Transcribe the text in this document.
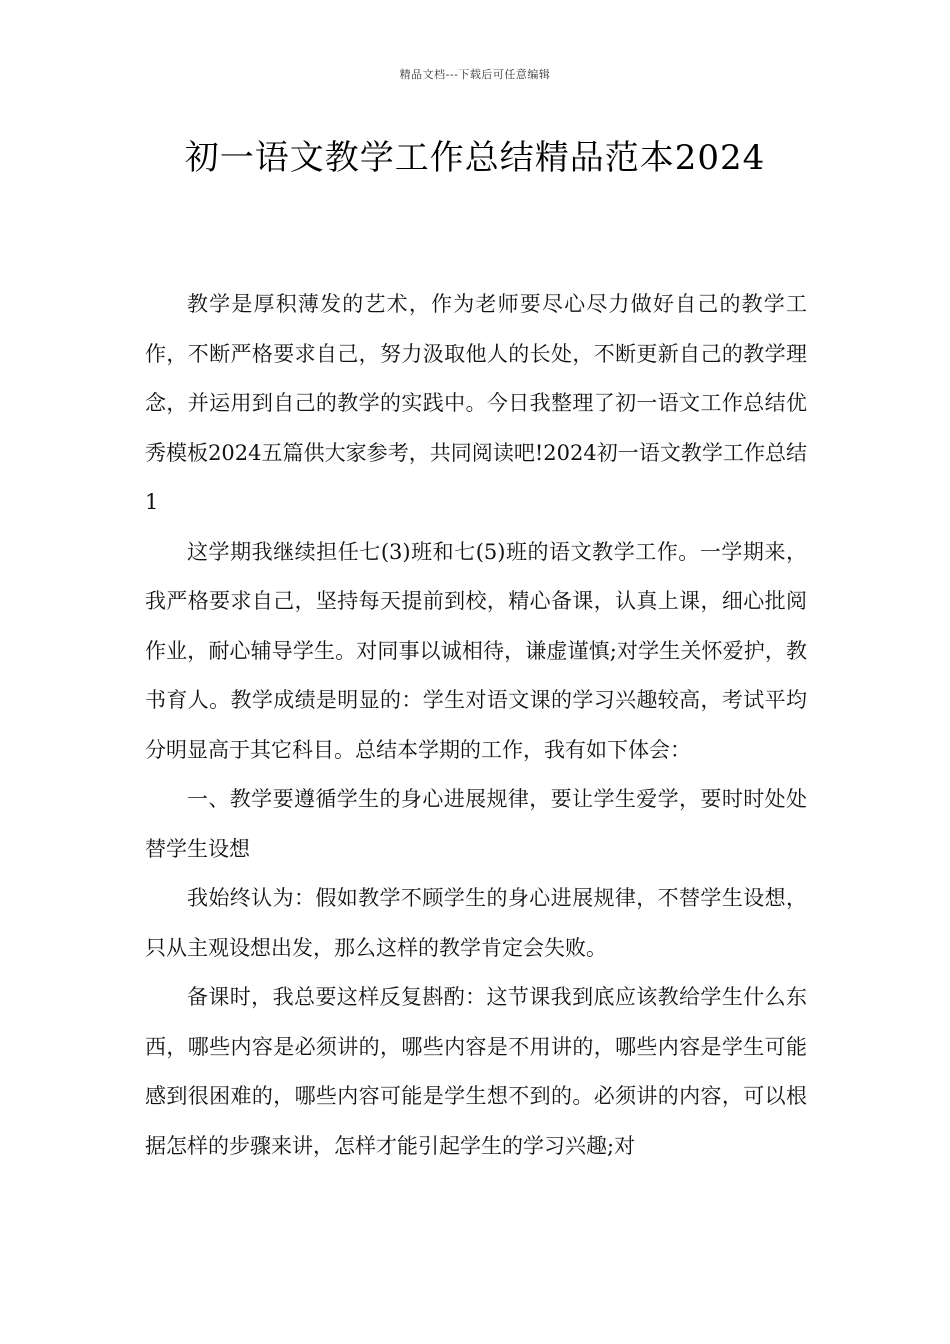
精品文档---下载后可任意编辑
初一语文教学工作总结精品范本2024

教学是厚积薄发的艺术，作为老师要尽心尽力做好自己的教学工作，不断严格要求自己，努力汲取他人的长处，不断更新自己的教学理念，并运用到自己的教学的实践中。今日我整理了初一语文工作总结优秀模板2024五篇供大家参考，共同阅读吧!2024初一语文教学工作总结1

这学期我继续担任七(3)班和七(5)班的语文教学工作。一学期来，我严格要求自己，坚持每天提前到校，精心备课，认真上课，细心批阅作业，耐心辅导学生。对同事以诚相待，谦虚谨慎;对学生关怀爱护，教书育人。教学成绩是明显的：学生对语文课的学习兴趣较高，考试平均分明显高于其它科目。总结本学期的工作，我有如下体会：

一、教学要遵循学生的身心进展规律，要让学生爱学，要时时处处替学生设想

我始终认为：假如教学不顾学生的身心进展规律，不替学生设想，只从主观设想出发，那么这样的教学肯定会失败。

备课时，我总要这样反复斟酌：这节课我到底应该教给学生什么东西，哪些内容是必须讲的，哪些内容是不用讲的，哪些内容是学生可能感到很困难的，哪些内容可能是学生想不到的。必须讲的内容，可以根据怎样的步骤来讲，怎样才能引起学生的学习兴趣;对
